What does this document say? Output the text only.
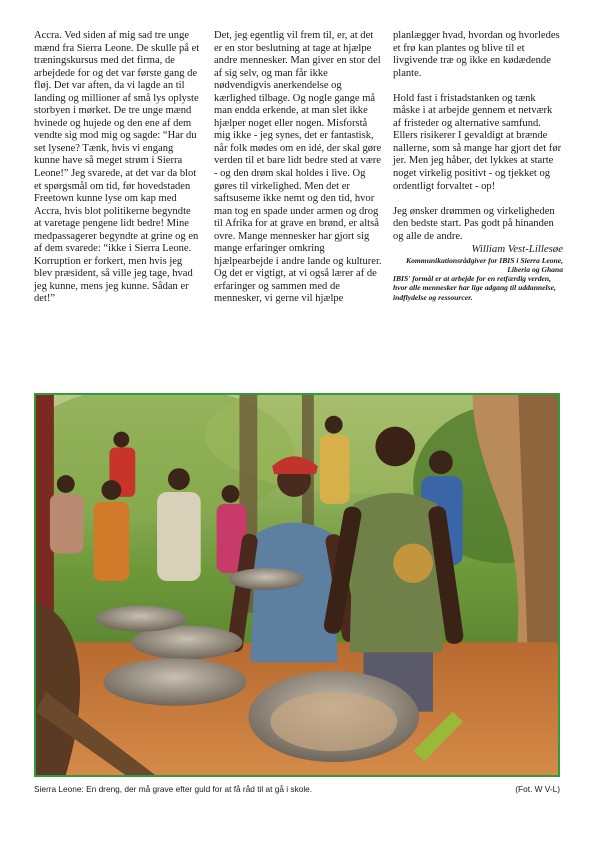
Accra. Ved siden af mig sad tre unge mænd fra Sierra Leone. De skulle på et træningskursus med det firma, de arbejdede for og det var første gang de fløj. Det var aften, da vi lagde an til landing og millioner af små lys oplyste storbyen i mørket. De tre unge mænd hvinede og hujede og den ene af dem vendte sig mod mig og sagde: “Har du set lysene? Tænk, hvis vi engang kunne have så meget strøm i Sierra Leone!” Jeg svarede, at det var da blot et spørgsmål om tid, før hovedstaden Freetown kunne lyse om kap med Accra, hvis blot politikerne begyndte at varetage pengene lidt bedre! Mine medpassagerer begyndte at grine og en af dem svarede: “ikke i Sierra Leone. Korruption er forkert, men hvis jeg blev præsident, så ville jeg tage, hvad jeg kunne, mens jeg kunne. Sådan er det!”

Det, jeg egentlig vil frem til, er, at det er en stor beslutning at tage at hjælpe andre mennesker. Man giver en stor del af sig selv, og man får ikke nødvendigvis anerkendelse og kærlighed tilbage. Og nogle gange må man endda erkende, at man slet ikke hjælper noget eller nogen. Misforstå mig ikke - jeg synes, det er fantastisk, når folk mødes om en idé, der skal gøre verden til et bare lidt bedre sted at være - og den drøm skal holdes i live. Og gøres til virkelighed. Men det er saftsuseme ikke nemt og den tid, hvor man tog en spade under armen og drog til Afrika for at grave en brønd, er altså ovre. Mange mennesker har gjort sig mange erfaringer omkring hjælpearbejde i andre lande og kulturer. Og det er vigtigt, at vi også lærer af de erfaringer og sammen med de mennesker, vi gerne vil hjælpe

planlægger hvad, hvordan og hvorledes et frø kan plantes og blive til et livgivende træ og ikke en kødædende plante.

Hold fast i fristadstanken og tænk måske i at arbejde gennem et netværk af fristeder og alternative samfund. Ellers risikerer I gevaldigt at brænde nallerne, som så mange har gjort det før jer. Men jeg håber, det lykkes at starte noget virkelig positivt - og tjekket og ordentligt forvaltet - op!

Jeg ønsker drømmen og virkeligheden den bedste start. Pas godt på hinanden og alle de andre.

William Vest-Lillesøe

Kommunikationsrådgiver for IBIS i Sierra Leone, Liberia og Ghana

IBIS' formål er at arbejde for en retfærdig verden, hvor alle mennesker har lige adgang til uddannelse, indflydelse og ressourcer.

Sierra Leone: En dreng, der må grave efter guld for at få råd til at gå i skole.	(Fot. W V-L)
